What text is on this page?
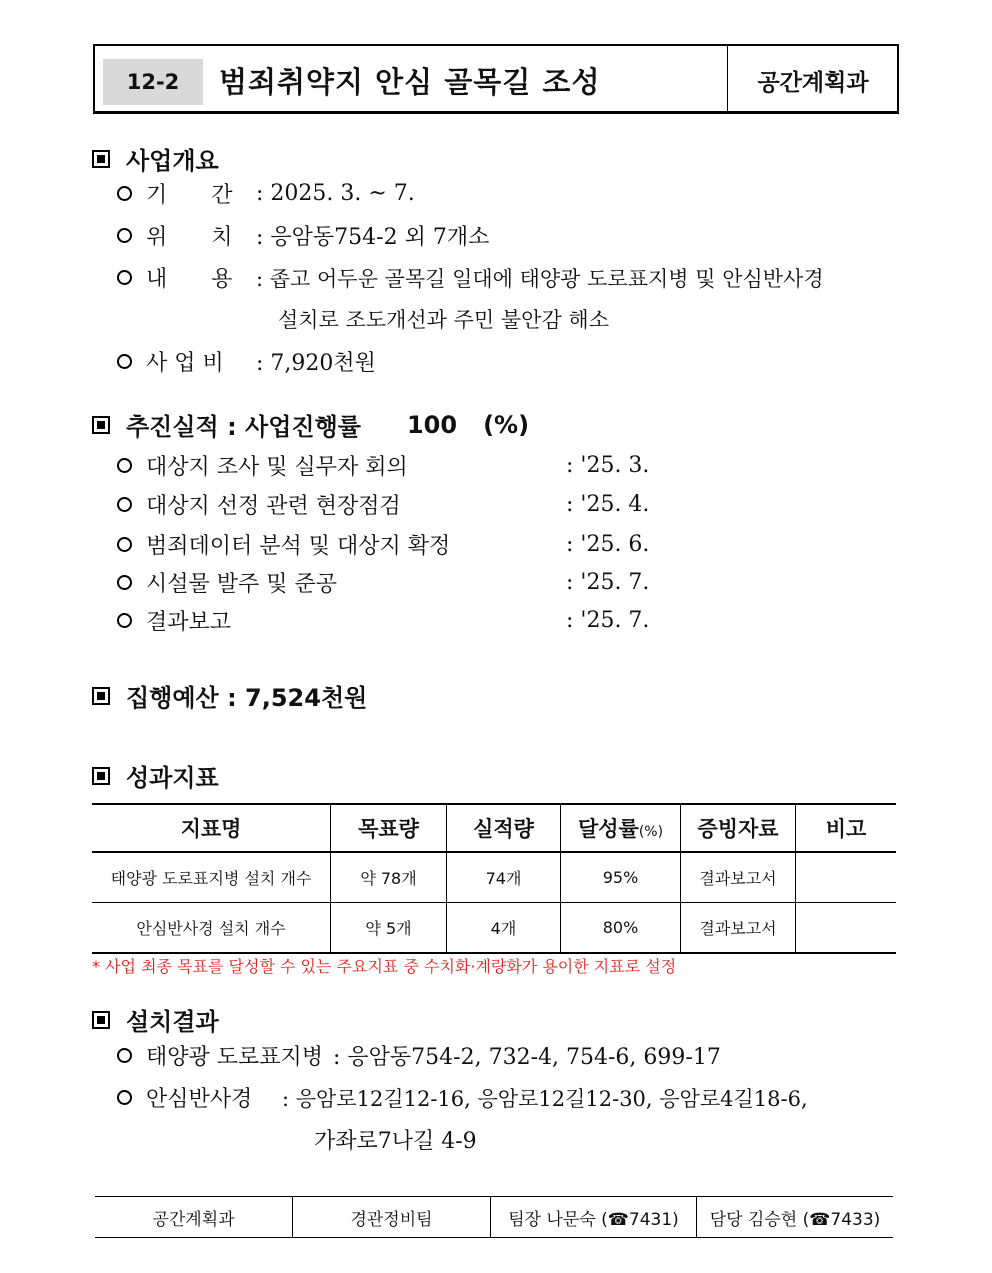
12-2	범죄취약지 안심 골목길 조성	공간계획과
사업개요
기　　간	: 2025. 3. ~ 7.
위　　치	: 응암동754-2 외 7개소
내　　용	: 좁고 어두운 골목길 일대에 태양광 도로표지병 및 안심반사경
설치로 조도개선과 주민 불안감 해소
사 업 비	: 7,920천원
추진실적 : 사업진행률 100 (%)
대상지 조사 및 실무자 회의	: '25. 3.
대상지 선정 관련 현장점검	: '25. 4.
범죄데이터 분석 및 대상지 확정	: '25. 6.
시설물 발주 및 준공	: '25. 7.
결과보고	: '25. 7.
집행예산 : 7,524천원
성과지표
지표명	목표량	실적량	달성률(%)	증빙자료	비고
태양광 도로표지병 설치 개수	약 78개	74개	95%	결과보고서	
안심반사경 설치 개수	약 5개	4개	80%	결과보고서	
* 사업 최종 목표를 달성할 수 있는 주요지표 중 수치화·계량화가 용이한 지표로 설정
설치결과
태양광 도로표지병 : 응암동754-2, 732-4, 754-6, 699-17
안심반사경	: 응암로12길12-16, 응암로12길12-30, 응암로4길18-6,
가좌로7나길 4-9
공간계획과	경관정비팀	팀장 나문숙 (☎7431)	담당 김승현 (☎7433)
